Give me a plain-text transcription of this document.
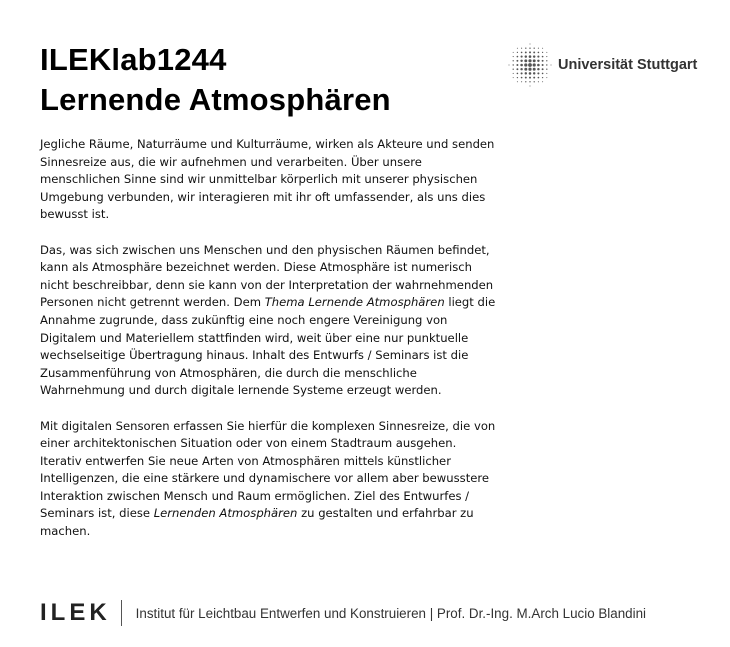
ILEKlab1244
Lernende Atmosphären
Universität Stuttgart

Jegliche Räume, Naturräume und Kulturräume, wirken als Akteure und senden Sinnesreize aus, die wir aufnehmen und verarbeiten. Über unsere menschlichen Sinne sind wir unmittelbar körperlich mit unserer physischen Umgebung verbunden, wir interagieren mit ihr oft umfassender, als uns dies bewusst ist.

Das, was sich zwischen uns Menschen und den physischen Räumen befindet, kann als Atmosphäre bezeichnet werden. Diese Atmosphäre ist numerisch nicht beschreibbar, denn sie kann von der Interpretation der wahrnehmenden Personen nicht getrennt werden. Dem Thema Lernende Atmosphären liegt die Annahme zugrunde, dass zukünftig eine noch engere Vereinigung von Digitalem und Materiellem stattfinden wird, weit über eine nur punktuelle wechselseitige Übertragung hinaus. Inhalt des Entwurfs / Seminars ist die Zusammenführung von Atmosphären, die durch die menschliche Wahrnehmung und durch digitale lernende Systeme erzeugt werden.

Mit digitalen Sensoren erfassen Sie hierfür die komplexen Sinnesreize, die von einer architektonischen Situation oder von einem Stadtraum ausgehen. Iterativ entwerfen Sie neue Arten von Atmosphären mittels künstlicher Intelligenzen, die eine stärkere und dynamischere vor allem aber bewusstere Interaktion zwischen Mensch und Raum ermöglichen. Ziel des Entwurfes / Seminars ist, diese Lernenden Atmosphären zu gestalten und erfahrbar zu machen.

ILEK Institut für Leichtbau Entwerfen und Konstruieren | Prof. Dr.-Ing. M.Arch Lucio Blandini
